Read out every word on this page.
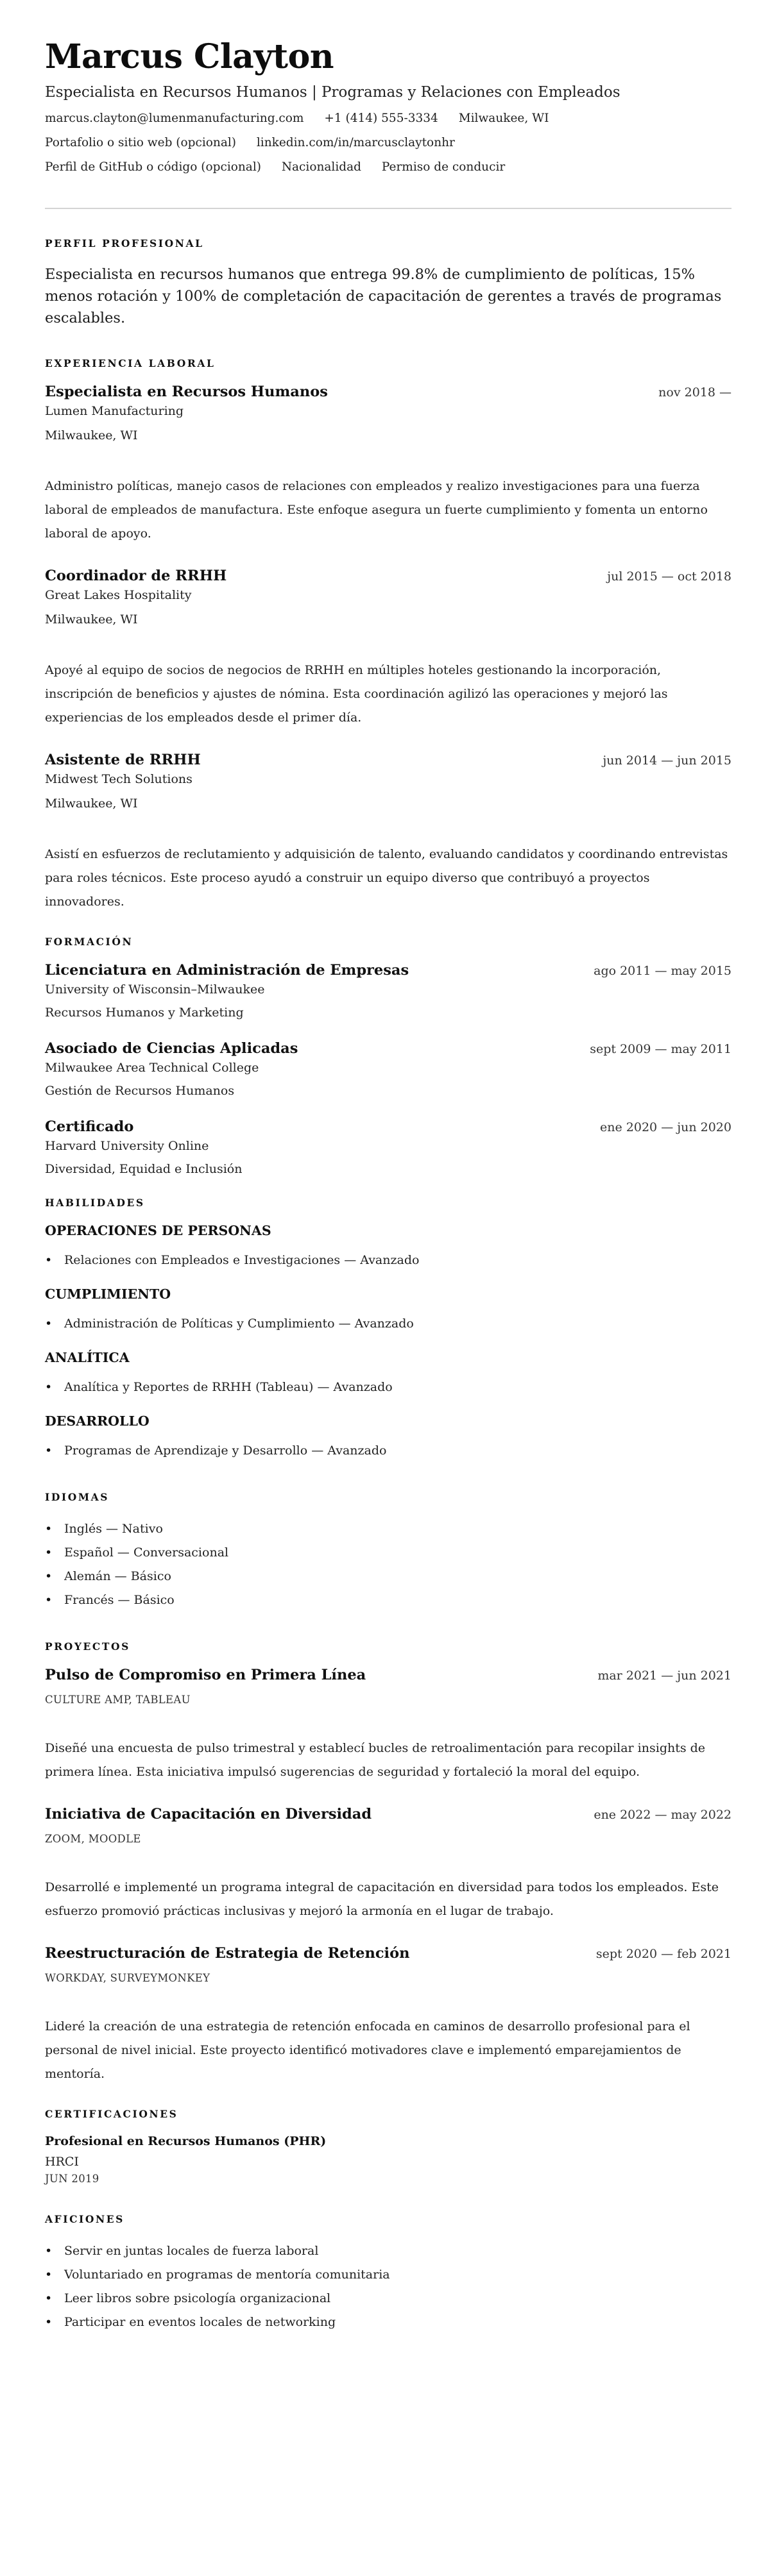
Marcus Clayton
Especialista en Recursos Humanos | Programas y Relaciones con Empleados
marcus.clayton@lumenmanufacturing.com +1 (414) 555-3334 Milwaukee, WI
Portafolio o sitio web (opcional) linkedin.com/in/marcusclaytonhr
Perfil de GitHub o código (opcional) Nacionalidad Permiso de conducir
PERFIL PROFESIONAL

Especialista en recursos humanos que entrega 99.8% de cumplimiento de políticas, 15% menos rotación y 100% de completación de capacitación de gerentes a través de programas escalables.

EXPERIENCIA LABORAL
Especialista en Recursos Humanos	nov 2018 —
Lumen Manufacturing
Milwaukee, WI
Administro políticas, manejo casos de relaciones con empleados y realizo investigaciones para una fuerza laboral de empleados de manufactura. Este enfoque asegura un fuerte cumplimiento y fomenta un entorno laboral de apoyo.
Coordinador de RRHH	jul 2015 — oct 2018
Great Lakes Hospitality
Milwaukee, WI
Apoyé al equipo de socios de negocios de RRHH en múltiples hoteles gestionando la incorporación, inscripción de beneficios y ajustes de nómina. Esta coordinación agilizó las operaciones y mejoró las experiencias de los empleados desde el primer día.
Asistente de RRHH	jun 2014 — jun 2015
Midwest Tech Solutions
Milwaukee, WI
Asistí en esfuerzos de reclutamiento y adquisición de talento, evaluando candidatos y coordinando entrevistas para roles técnicos. Este proceso ayudó a construir un equipo diverso que contribuyó a proyectos innovadores.
FORMACIÓN
Licenciatura en Administración de Empresas	ago 2011 — may 2015
University of Wisconsin–Milwaukee
Recursos Humanos y Marketing
Asociado de Ciencias Aplicadas	sept 2009 — may 2011
Milwaukee Area Technical College
Gestión de Recursos Humanos
Certificado	ene 2020 — jun 2020
Harvard University Online
Diversidad, Equidad e Inclusión
HABILIDADES
OPERACIONES DE PERSONAS
• Relaciones con Empleados e Investigaciones — Avanzado
CUMPLIMIENTO
• Administración de Políticas y Cumplimiento — Avanzado
ANALÍTICA
• Analítica y Reportes de RRHH (Tableau) — Avanzado
DESARROLLO
• Programas de Aprendizaje y Desarrollo — Avanzado
IDIOMAS
• Inglés — Nativo
• Español — Conversacional
• Alemán — Básico
• Francés — Básico
PROYECTOS
Pulso de Compromiso en Primera Línea	mar 2021 — jun 2021
CULTURE AMP, TABLEAU
Diseñé una encuesta de pulso trimestral y establecí bucles de retroalimentación para recopilar insights de primera línea. Esta iniciativa impulsó sugerencias de seguridad y fortaleció la moral del equipo.
Iniciativa de Capacitación en Diversidad	ene 2022 — may 2022
ZOOM, MOODLE
Desarrollé e implementé un programa integral de capacitación en diversidad para todos los empleados. Este esfuerzo promovió prácticas inclusivas y mejoró la armonía en el lugar de trabajo.
Reestructuración de Estrategia de Retención	sept 2020 — feb 2021
WORKDAY, SURVEYMONKEY
Lideré la creación de una estrategia de retención enfocada en caminos de desarrollo profesional para el personal de nivel inicial. Este proyecto identificó motivadores clave e implementó emparejamientos de mentoría.
CERTIFICACIONES
Profesional en Recursos Humanos (PHR)
HRCI
JUN 2019
AFICIONES
• Servir en juntas locales de fuerza laboral
• Voluntariado en programas de mentoría comunitaria
• Leer libros sobre psicología organizacional
• Participar en eventos locales de networking
